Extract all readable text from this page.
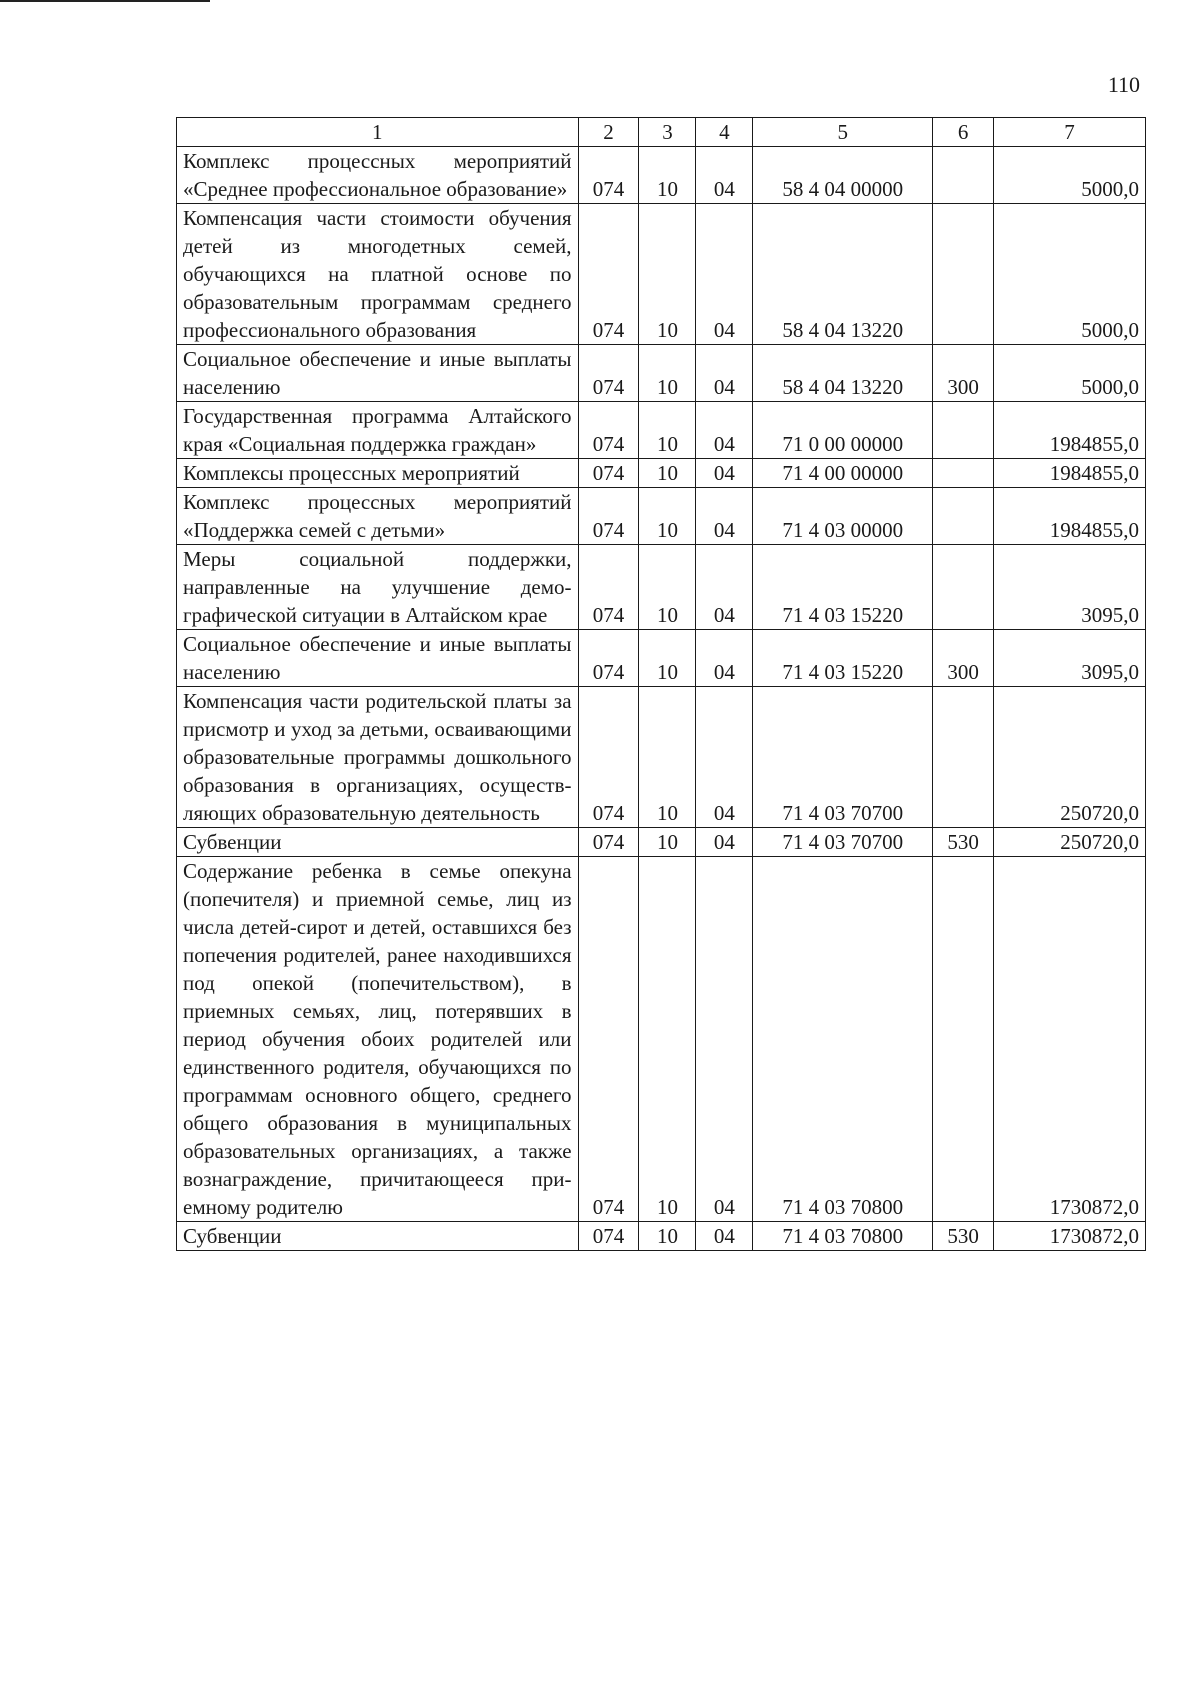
110
1	2	3	4	5	6	7
Комплекс процессных мероприятий «Среднее профессиональное образование»	074	10	04	58 4 04 00000		5000,0
Компенсация части стоимости обучения детей из многодетных семей, обучающихся на платной основе по образовательным программам среднего профессионального образования	074	10	04	58 4 04 13220		5000,0
Социальное обеспечение и иные выплаты населению	074	10	04	58 4 04 13220	300	5000,0
Государственная программа Алтайского края «Социальная поддержка граждан»	074	10	04	71 0 00 00000		1984855,0
Комплексы процессных мероприятий	074	10	04	71 4 00 00000		1984855,0
Комплекс процессных мероприятий «Поддержка семей с детьми»	074	10	04	71 4 03 00000		1984855,0
Меры социальной поддержки, направленные на улучшение демографической ситуации в Алтайском крае	074	10	04	71 4 03 15220		3095,0
Социальное обеспечение и иные выплаты населению	074	10	04	71 4 03 15220	300	3095,0
Компенсация части родительской платы за присмотр и уход за детьми, осваивающими образовательные программы дошкольного образования в организациях, осуществляющих образовательную деятельность	074	10	04	71 4 03 70700		250720,0
Субвенции	074	10	04	71 4 03 70700	530	250720,0
Содержание ребенка в семье опекуна (попечителя) и приемной семье, лиц из числа детей-сирот и детей, оставшихся без попечения родителей, ранее находившихся под опекой (попечительством), в приемных семьях, лиц, потерявших в период обучения обоих родителей или единственного родителя, обучающихся по программам основного общего, среднего общего образования в муниципальных образовательных организациях, а также вознаграждение, причитающееся приемному родителю	074	10	04	71 4 03 70800		1730872,0
Субвенции	074	10	04	71 4 03 70800	530	1730872,0
